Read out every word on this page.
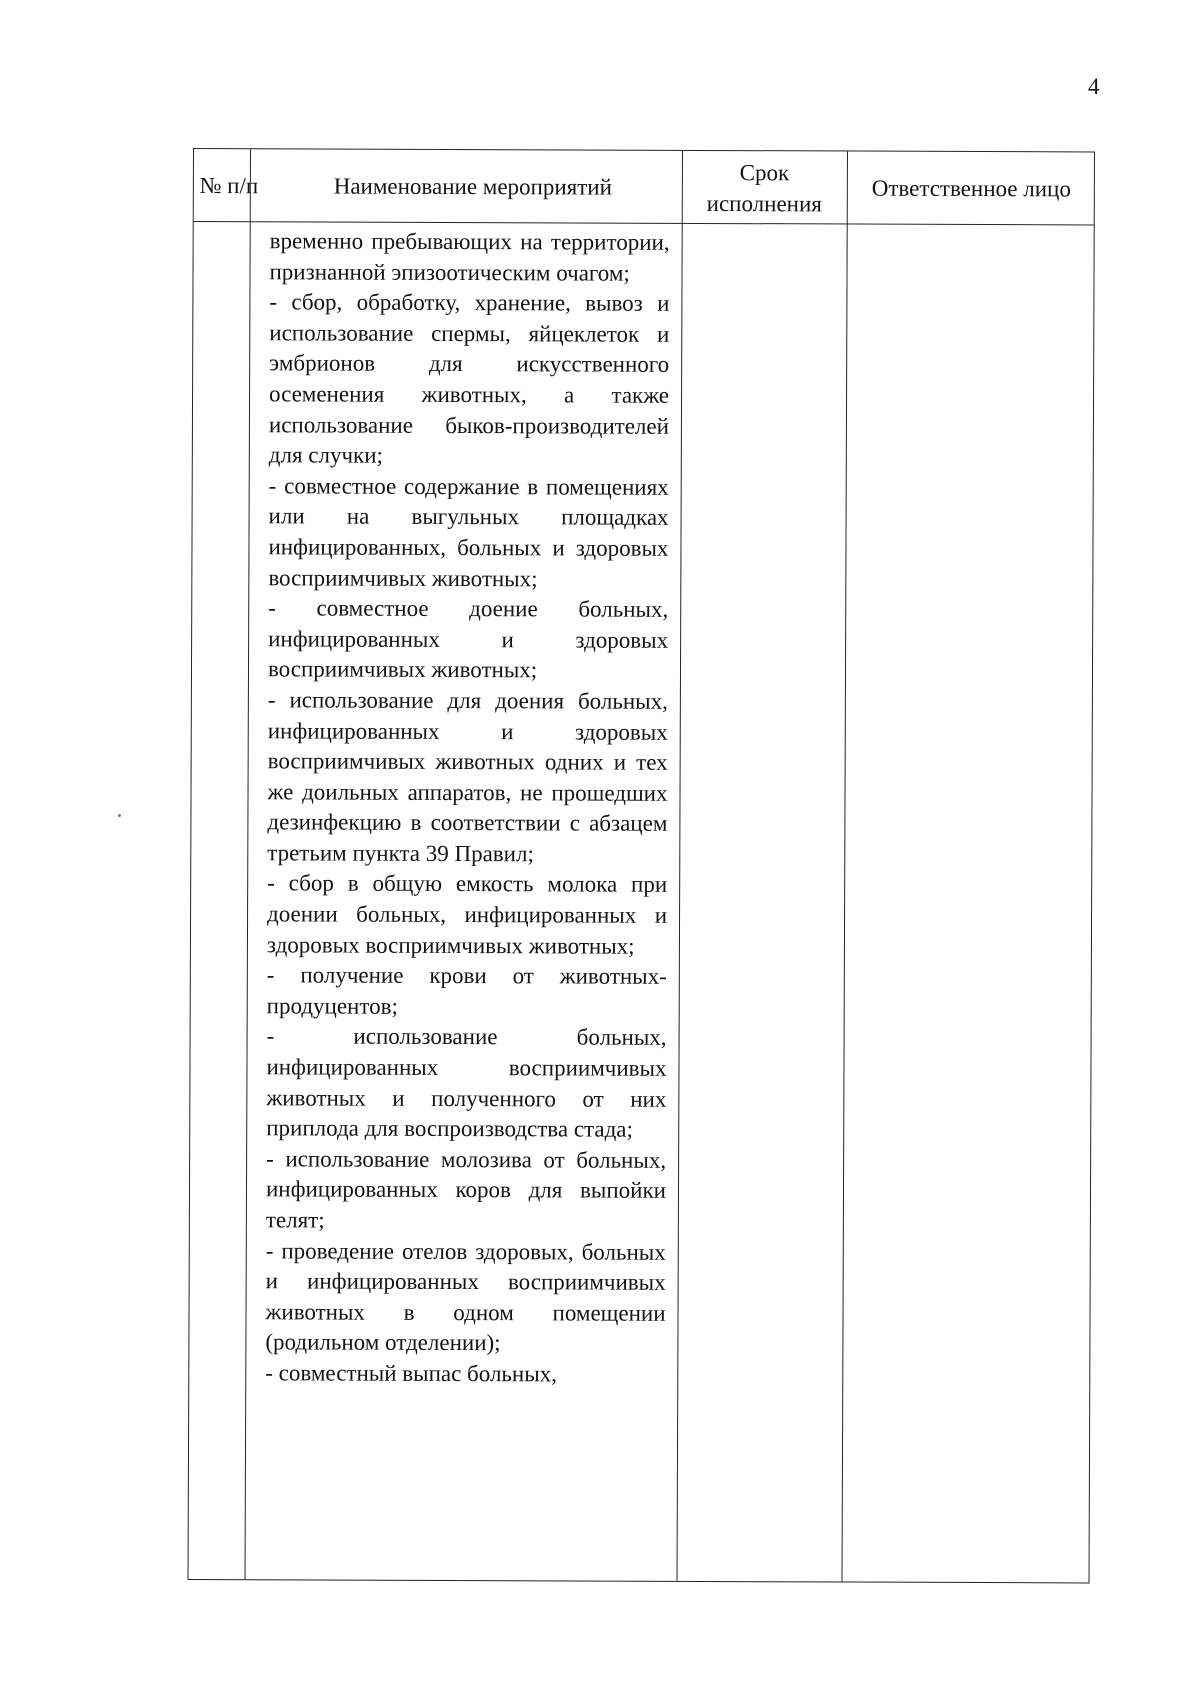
4
№ п/п	Наименование мероприятий
Срок исполнения
Ответственное лицо

временно пребывающих на территории, признанной эпизоотическим очагом;

- сбор, обработку, хранение, вывоз и использование спермы, яйцеклеток и эмбрионов для искусственного осеменения животных, а также использование быков-производителей для случки;

- совместное содержание в помещениях или на выгульных площадках инфицированных, больных и здоровых восприимчивых животных;

- совместное доение больных, инфицированных и здоровых восприимчивых животных;

- использование для доения больных, инфицированных и здоровых восприимчивых животных одних и тех же доильных аппаратов, не прошедших дезинфекцию в соответствии с абзацем третьим пункта 39 Правил;

- сбор в общую емкость молока при доении больных, инфицированных и здоровых восприимчивых животных;

- получение крови от животных-продуцентов;

- использование больных, инфицированных восприимчивых животных и полученного от них приплода для воспроизводства стада;

- использование молозива от больных, инфицированных коров для выпойки телят;

- проведение отелов здоровых, больных и инфицированных восприимчивых животных в одном помещении (родильном отделении);

- совместный выпас больных,
